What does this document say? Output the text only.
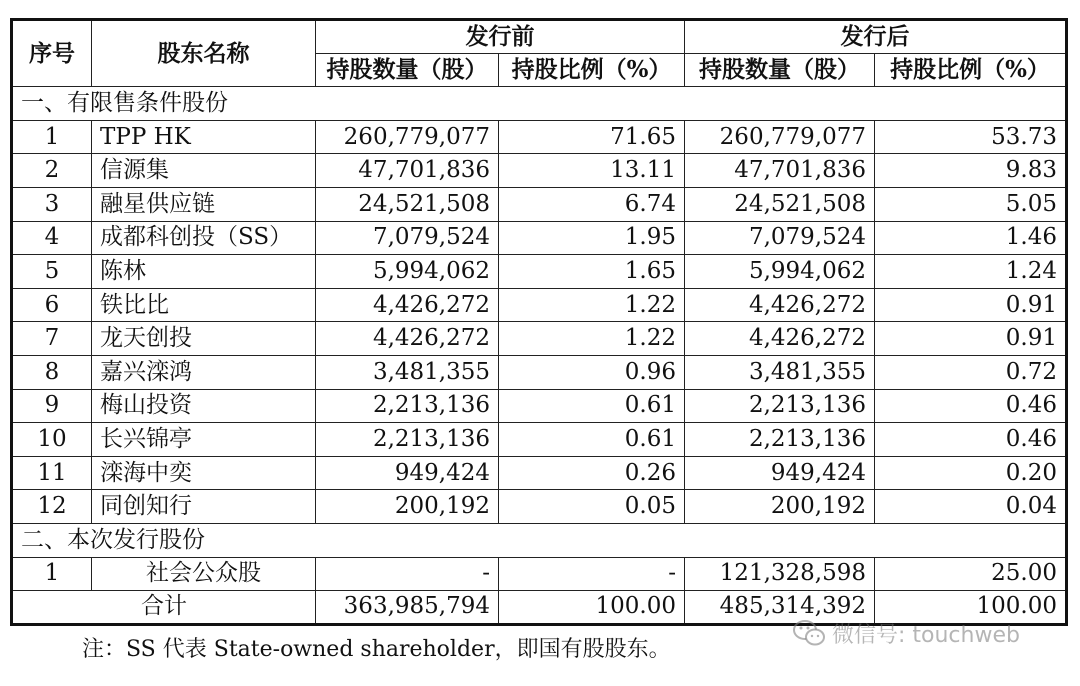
序号	股东名称	发行前		发行后	
		持股数量（股）	持股比例（%）	持股数量（股）	持股比例（%）
一、有限售条件股份					
1	TPP HK	260,779,077	71.65	260,779,077	53.73
2	信源集	47,701,836	13.11	47,701,836	9.83
3	融星供应链	24,521,508	6.74	24,521,508	5.05
4	成都科创投（SS）	7,079,524	1.95	7,079,524	1.46
5	陈林	5,994,062	1.65	5,994,062	1.24
6	铁比比	4,426,272	1.22	4,426,272	0.91
7	龙天创投	4,426,272	1.22	4,426,272	0.91
8	嘉兴滦鸿	3,481,355	0.96	3,481,355	0.72
9	梅山投资	2,213,136	0.61	2,213,136	0.46
10	长兴锦亭	2,213,136	0.61	2,213,136	0.46
11	滦海中奕	949,424	0.26	949,424	0.20
12	同创知行	200,192	0.05	200,192	0.04
二、本次发行股份					
1	社会公众股	-	-	121,328,598	25.00
合计		363,985,794	100.00	485,314,392	100.00
注：SS 代表 State-owned shareholder，即国有股股东。
微信号: touchweb
